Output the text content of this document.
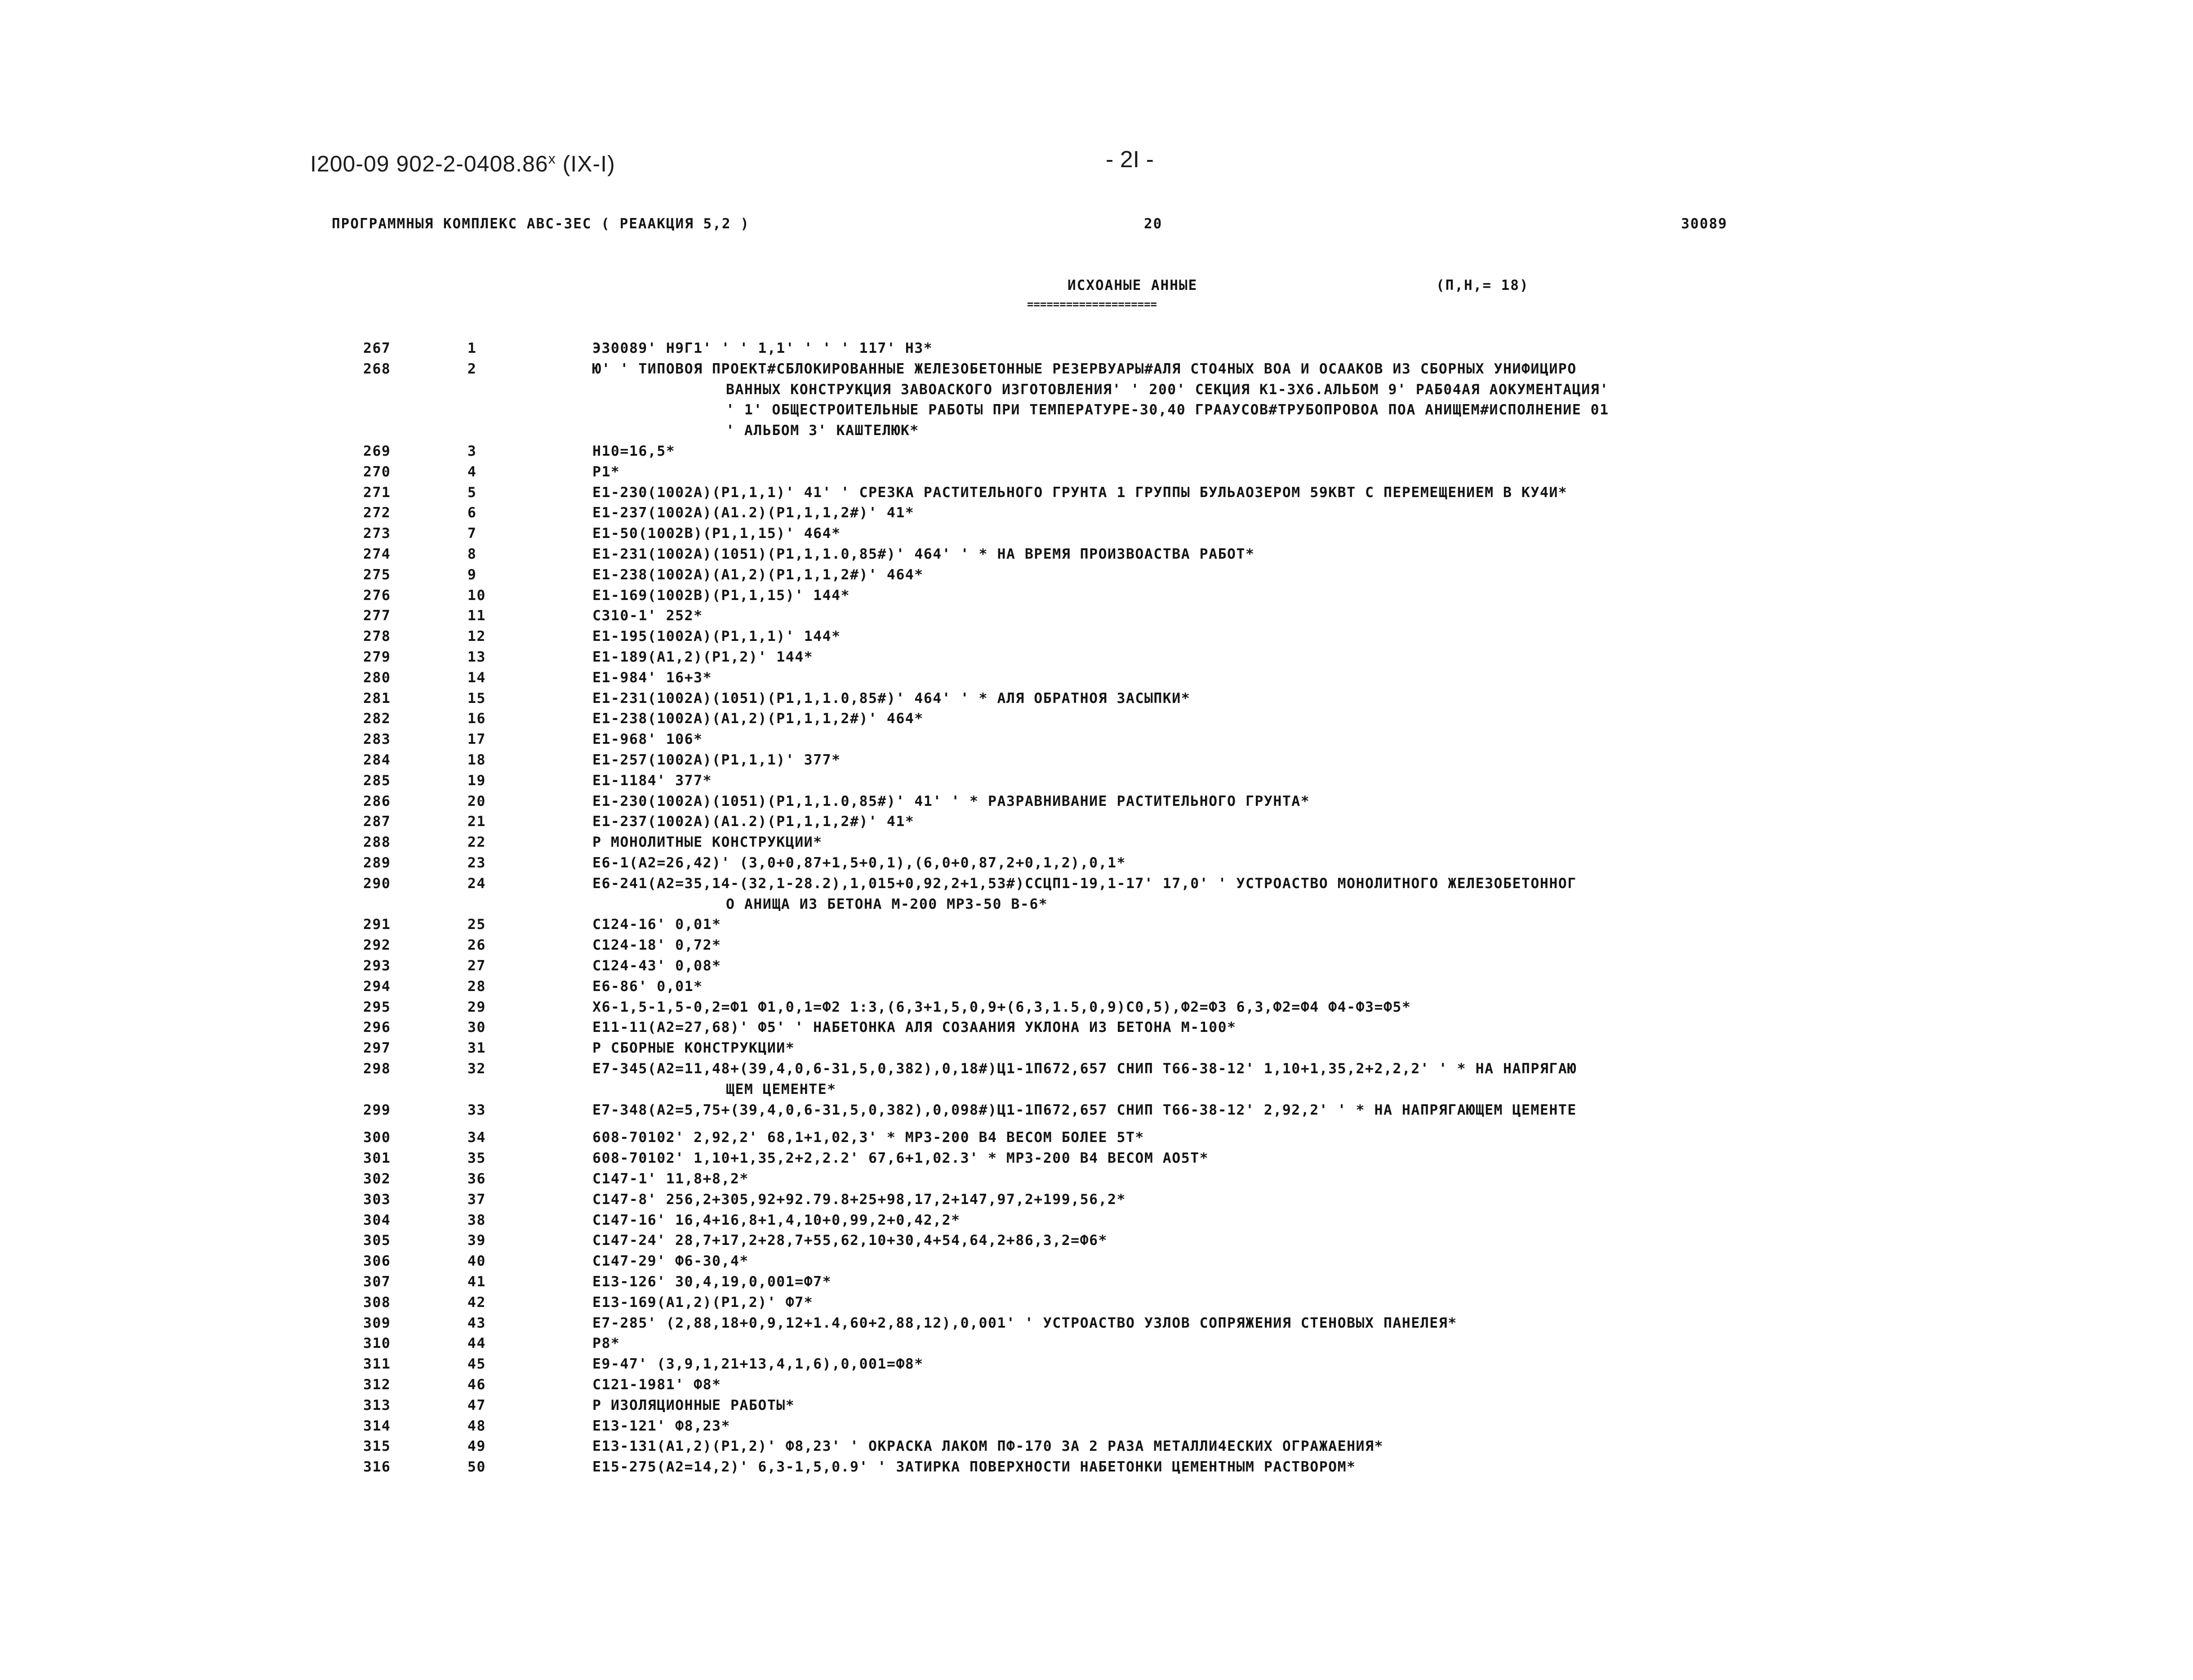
I200-09 902-2-0408.86$^x$ (IX-I)	- 2I -
ПРОГРАММНЫЯ КОМПЛЕКС АВС-ЗЕС ( РЕААКЦИЯ 5,2 )	20	30089
ИСХОАНЫЕ АННЫЕ	(П,Н,= 18)
====================
267	1	ЭЗ0089' Н9Г1' ' ' 1,1' ' ' ' 117' НЗ*
268	2	Ю' ' ТИПОВОЯ ПРОЕКТ#СБЛОКИРОВАННЫЕ ЖЕЛЕЗОБЕТОННЫЕ РЕЗЕРВУАРЫ#АЛЯ СТО4НЫХ ВОА И ОСААКОВ ИЗ СБОРНЫХ УНИФИЦИРО
ВАННЫХ КОНСТРУКЦИЯ ЗАВОАСКОГО ИЗГОТОВЛЕНИЯ' ' 200' СЕКЦИЯ К1-3Х6.АЛЬБОМ 9' РАБ04АЯ АОКУМЕНТАЦИЯ'
' 1' ОБЩЕСТРОИТЕЛЬНЫЕ РАБОТЫ ПРИ ТЕМПЕРАТУРЕ-30,40 ГРААУСОВ#ТРУБОПРОВОА ПОА АНИЩЕМ#ИСПОЛНЕНИЕ 01
' АЛЬБОМ 3' КАШТЕЛЮК*
269	3	Н10=16,5*
270	4	Р1*
271	5	Е1-230(1002А)(Р1,1,1)' 41' ' СРЕЗКА РАСТИТЕЛЬНОГО ГРУНТА 1 ГРУППЫ БУЛЬАОЗЕРОМ 59КВТ С ПЕРЕМЕЩЕНИЕМ В КУ4И*
272	6	Е1-237(1002А)(А1.2)(Р1,1,1,2#)' 41*
273	7	Е1-50(1002В)(Р1,1,15)' 464*
274	8	Е1-231(1002А)(1051)(Р1,1,1.0,85#)' 464' ' * НА ВРЕМЯ ПРОИЗВОАСТВА РАБОТ*
275	9	Е1-238(1002А)(А1,2)(Р1,1,1,2#)' 464*
276	10	Е1-169(1002В)(Р1,1,15)' 144*
277	11	С310-1' 252*
278	12	Е1-195(1002А)(Р1,1,1)' 144*
279	13	Е1-189(А1,2)(Р1,2)' 144*
280	14	Е1-984' 16+3*
281	15	Е1-231(1002А)(1051)(Р1,1,1.0,85#)' 464' ' * АЛЯ ОБРАТНОЯ ЗАСЫПКИ*
282	16	Е1-238(1002А)(А1,2)(Р1,1,1,2#)' 464*
283	17	Е1-968' 106*
284	18	Е1-257(1002А)(Р1,1,1)' 377*
285	19	Е1-1184' 377*
286	20	Е1-230(1002А)(1051)(Р1,1,1.0,85#)' 41' ' * РАЗРАВНИВАНИЕ РАСТИТЕЛЬНОГО ГРУНТА*
287	21	Е1-237(1002А)(А1.2)(Р1,1,1,2#)' 41*
288	22	Р МОНОЛИТНЫЕ КОНСТРУКЦИИ*
289	23	Е6-1(А2=26,42)' (3,0+0,87+1,5+0,1),(6,0+0,87,2+0,1,2),0,1*
290	24	Е6-241(А2=35,14-(32,1-28.2),1,015+0,92,2+1,53#)ССЦП1-19,1-17' 17,0' ' УСТРОАСТВО МОНОЛИТНОГО ЖЕЛЕЗОБЕТОННОГ
О АНИЩА ИЗ БЕТОНА М-200 МРЗ-50 В-6*
291	25	С124-16' 0,01*
292	26	С124-18' 0,72*
293	27	С124-43' 0,08*
294	28	Е6-86' 0,01*
295	29	Х6-1,5-1,5-0,2=Ф1 Ф1,0,1=Ф2 1:3,(6,3+1,5,0,9+(6,3,1.5,0,9)С0,5),Ф2=Ф3 6,3,Ф2=Ф4 Ф4-Ф3=Ф5*
296	30	Е11-11(А2=27,68)' Ф5' ' НАБЕТОНКА АЛЯ СОЗААНИЯ УКЛОНА ИЗ БЕТОНА М-100*
297	31	Р СБОРНЫЕ КОНСТРУКЦИИ*
298	32	Е7-345(А2=11,48+(39,4,0,6-31,5,0,382),0,18#)Ц1-1П672,657 СНИП Т66-38-12' 1,10+1,35,2+2,2,2' ' * НА НАПРЯГАЮ
ЩЕМ ЦЕМЕНТЕ*
299	33	Е7-348(А2=5,75+(39,4,0,6-31,5,0,382),0,098#)Ц1-1П672,657 СНИП Т66-38-12' 2,92,2' ' * НА НАПРЯГАЮЩЕМ ЦЕМЕНТЕ
300	34	608-70102' 2,92,2' 68,1+1,02,3' * МРЗ-200 В4 ВЕСОМ БОЛЕЕ 5Т*
301	35	608-70102' 1,10+1,35,2+2,2.2' 67,6+1,02.3' * МРЗ-200 В4 ВЕСОМ АО5Т*
302	36	С147-1' 11,8+8,2*
303	37	С147-8' 256,2+305,92+92.79.8+25+98,17,2+147,97,2+199,56,2*
304	38	С147-16' 16,4+16,8+1,4,10+0,99,2+0,42,2*
305	39	С147-24' 28,7+17,2+28,7+55,62,10+30,4+54,64,2+86,3,2=Ф6*
306	40	С147-29' Ф6-30,4*
307	41	Е13-126' 30,4,19,0,001=Ф7*
308	42	Е13-169(А1,2)(Р1,2)' Ф7*
309	43	Е7-285' (2,88,18+0,9,12+1.4,60+2,88,12),0,001' ' УСТРОАСТВО УЗЛОВ СОПРЯЖЕНИЯ СТЕНОВЫХ ПАНЕЛЕЯ*
310	44	Р8*
311	45	Е9-47' (3,9,1,21+13,4,1,6),0,001=Ф8*
312	46	С121-1981' Ф8*
313	47	Р ИЗОЛЯЦИОННЫЕ РАБОТЫ*
314	48	Е13-121' Ф8,23*
315	49	Е13-131(А1,2)(Р1,2)' Ф8,23' ' ОКРАСКА ЛАКОМ ПФ-170 ЗА 2 РАЗА МЕТАЛЛИ4ЕСКИХ ОГРАЖАЕНИЯ*
316	50	Е15-275(А2=14,2)' 6,3-1,5,0.9' ' ЗАТИРКА ПОВЕРХНОСТИ НАБЕТОНКИ ЦЕМЕНТНЫМ РАСТВОРОМ*
